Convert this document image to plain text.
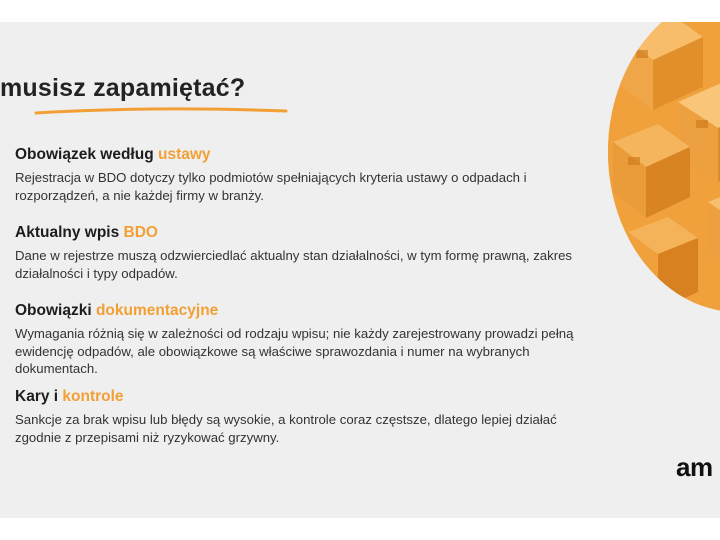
musisz zapamiętać?
Obowiązek według ustawy

Rejestracja w BDO dotyczy tylko podmiotów spełniających kryteria ustawy o odpadach i rozporządzeń, a nie każdej firmy w branży.

Aktualny wpis BDO

Dane w rejestrze muszą odzwierciedlać aktualny stan działalności, w tym formę prawną, zakres działalności i typy odpadów.

Obowiązki dokumentacyjne

Wymagania różnią się w zależności od rodzaju wpisu; nie każdy zarejestrowany prowadzi pełną ewidencję odpadów, ale obowiązkowe są właściwe sprawozdania i numer na wybranych dokumentach.

Kary i kontrole

Sankcje za brak wpisu lub błędy są wysokie, a kontrole coraz częstsze, dlatego lepiej działać zgodnie z przepisami niż ryzykować grzywny.

am
